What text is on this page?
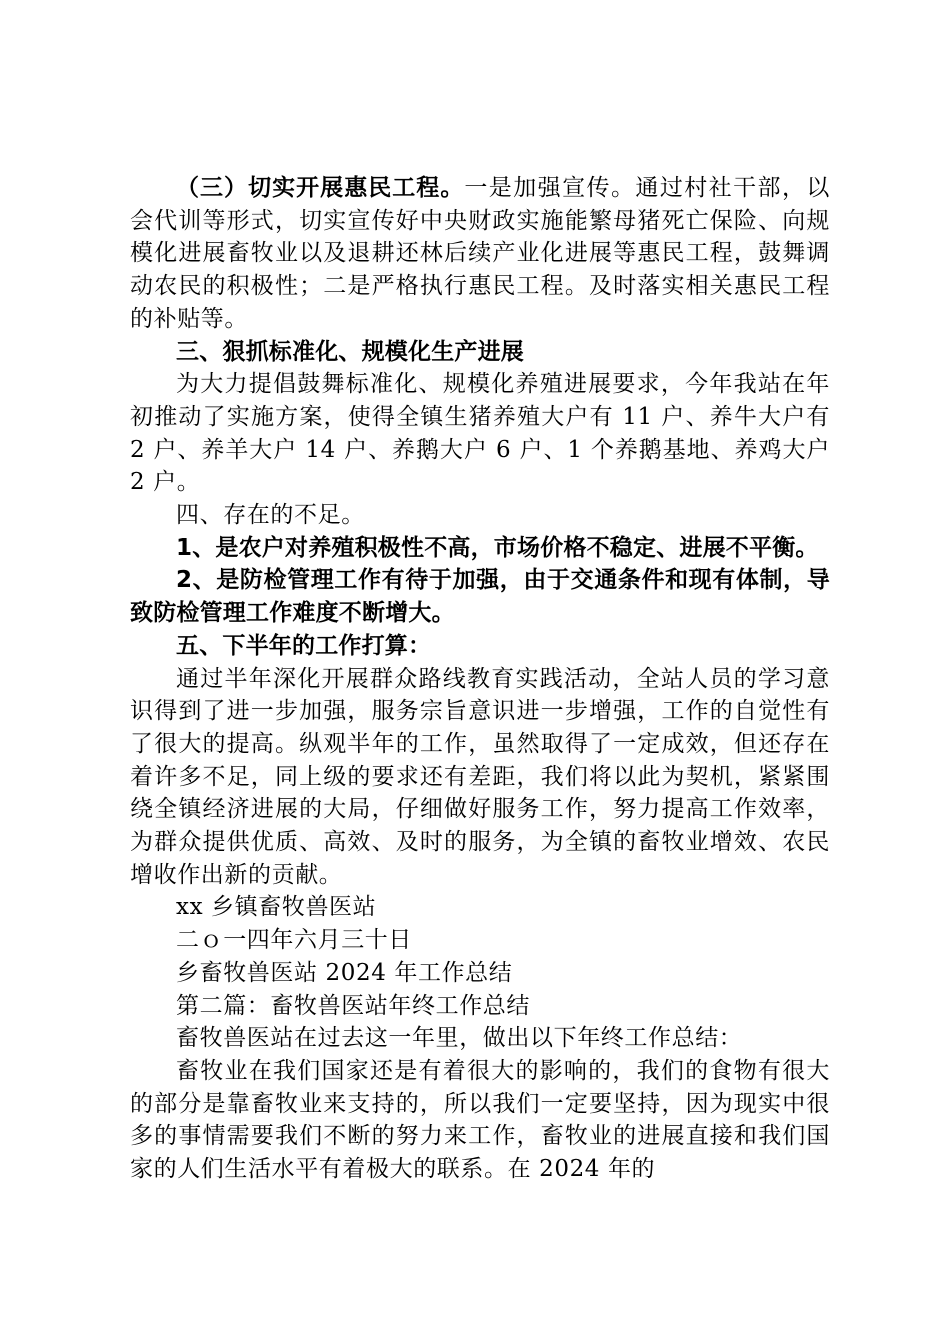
（三）切实开展惠民工程。一是加强宣传。通过村社干部，以会代训等形式，切实宣传好中央财政实施能繁母猪死亡保险、向规模化进展畜牧业以及退耕还林后续产业化进展等惠民工程，鼓舞调动农民的积极性；二是严格执行惠民工程。及时落实相关惠民工程的补贴等。

三、狠抓标准化、规模化生产进展

为大力提倡鼓舞标准化、规模化养殖进展要求，今年我站在年初推动了实施方案，使得全镇生猪养殖大户有 11 户、养牛大户有 2 户、养羊大户 14 户、养鹅大户 6 户、1 个养鹅基地、养鸡大户 2 户。

四、存在的不足。

1、是农户对养殖积极性不高，市场价格不稳定、进展不平衡。

2、是防检管理工作有待于加强，由于交通条件和现有体制，导致防检管理工作难度不断增大。

五、下半年的工作打算：

通过半年深化开展群众路线教育实践活动，全站人员的学习意识得到了进一步加强，服务宗旨意识进一步增强，工作的自觉性有了很大的提高。纵观半年的工作，虽然取得了一定成效，但还存在着许多不足，同上级的要求还有差距，我们将以此为契机，紧紧围绕全镇经济进展的大局，仔细做好服务工作，努力提高工作效率，为群众提供优质、高效、及时的服务，为全镇的畜牧业增效、农民增收作出新的贡献。

xx 乡镇畜牧兽医站

二ｏ一四年六月三十日

乡畜牧兽医站 2024 年工作总结

第二篇：畜牧兽医站年终工作总结

畜牧兽医站在过去这一年里，做出以下年终工作总结：

畜牧业在我们国家还是有着很大的影响的，我们的食物有很大的部分是靠畜牧业来支持的，所以我们一定要坚持，因为现实中很多的事情需要我们不断的努力来工作，畜牧业的进展直接和我们国家的人们生活水平有着极大的联系。在 2024 年的
